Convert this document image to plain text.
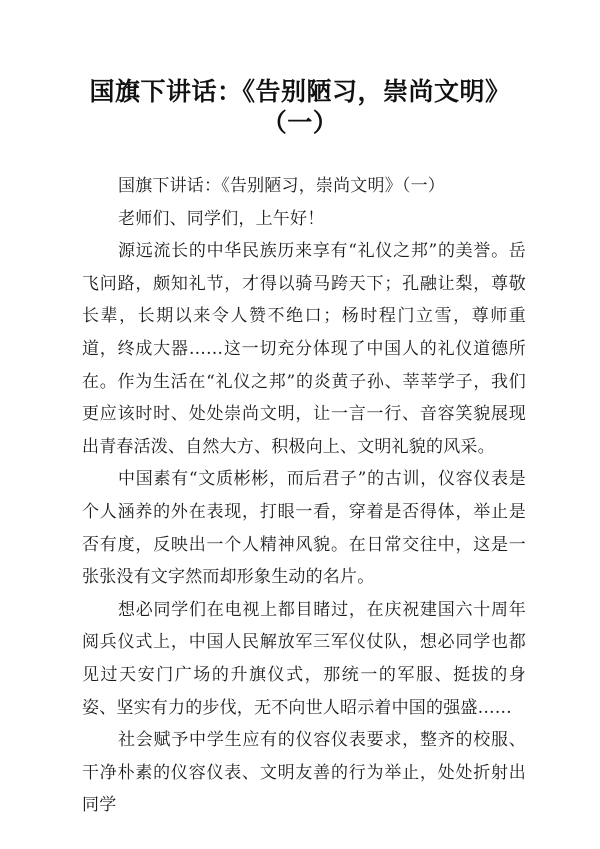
国旗下讲话：《告别陋习，崇尚文明》
（一）

国旗下讲话：《告别陋习，崇尚文明》（一）

老师们、同学们，上午好！

源远流长的中华民族历来享有“礼仪之邦”的美誉。岳飞问路，颇知礼节，才得以骑马跨天下；孔融让梨，尊敬长辈，长期以来令人赞不绝口；杨时程门立雪，尊师重道，终成大器……这一切充分体现了中国人的礼仪道德所在。作为生活在“礼仪之邦”的炎黄子孙、莘莘学子，我们更应该时时、处处崇尚文明，让一言一行、音容笑貌展现出青春活泼、自然大方、积极向上、文明礼貌的风采。

中国素有“文质彬彬，而后君子”的古训，仪容仪表是个人涵养的外在表现，打眼一看，穿着是否得体，举止是否有度，反映出一个人精神风貌。在日常交往中，这是一张张没有文字然而却形象生动的名片。

想必同学们在电视上都目睹过，在庆祝建国六十周年阅兵仪式上，中国人民解放军三军仪仗队，想必同学也都见过天安门广场的升旗仪式，那统一的军服、挺拔的身姿、坚实有力的步伐，无不向世人昭示着中国的强盛……

社会赋予中学生应有的仪容仪表要求，整齐的校服、干净朴素的仪容仪表、文明友善的行为举止，处处折射出同学
